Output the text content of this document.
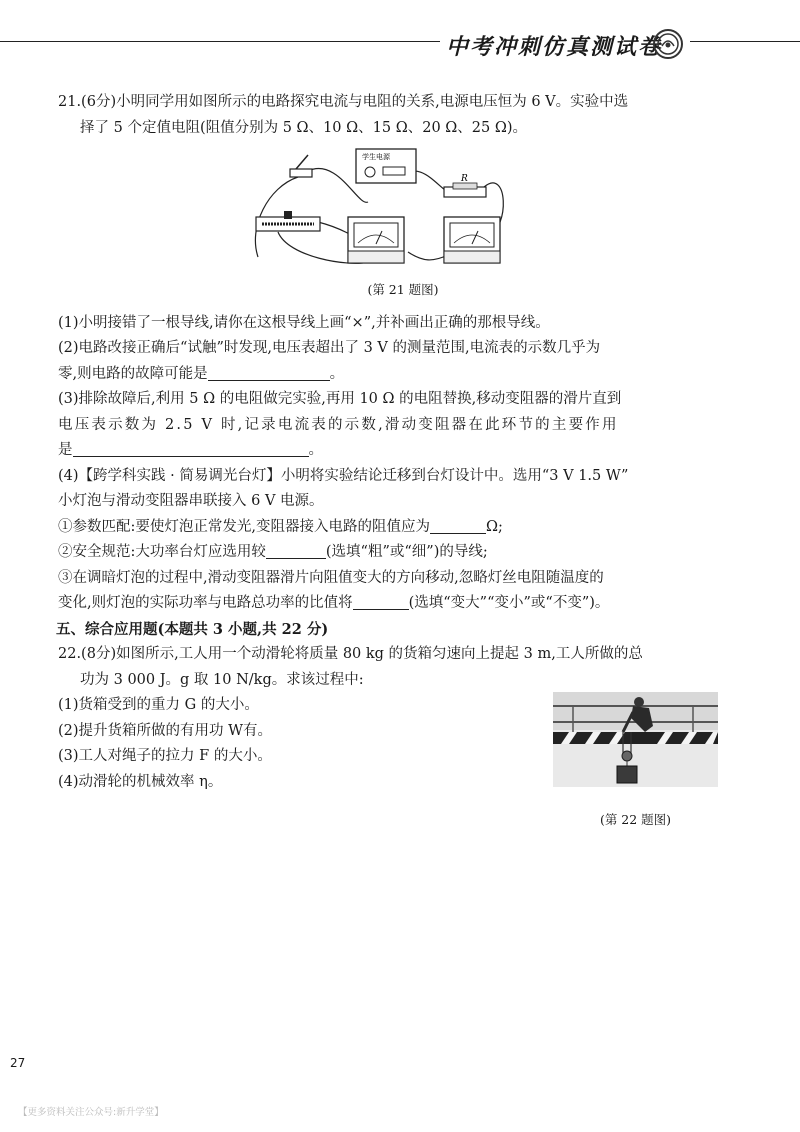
中考冲刺仿真测试卷

21.(6分)小明同学用如图所示的电路探究电流与电阻的关系,电源电压恒为 6 V。实验中选

择了 5 个定值电阻(阻值分别为 5 Ω、10 Ω、15 Ω、20 Ω、25 Ω)。

学生电源
R

(第 21 题图)

(1)小明接错了一根导线,请你在这根导线上画“×”,并补画出正确的那根导线。

(2)电路改接正确后“试触”时发现,电压表超出了 3 V 的测量范围,电流表的示数几乎为

零,则电路的故障可能是	。

(3)排除故障后,利用 5 Ω 的电阻做完实验,再用 10 Ω 的电阻替换,移动变阻器的滑片直到

电压表示数为 2.5 V 时,记录电流表的示数,滑动变阻器在此环节的主要作用

是	。

(4)【跨学科实践 · 简易调光台灯】小明将实验结论迁移到台灯设计中。选用“3 V 1.5 W”

小灯泡与滑动变阻器串联接入 6 V 电源。

①参数匹配:要使灯泡正常发光,变阻器接入电路的阻值应为	Ω;

②安全规范:大功率台灯应选用较	(选填“粗”或“细”)的导线;

③在调暗灯泡的过程中,滑动变阻器滑片向阻值变大的方向移动,忽略灯丝电阻随温度的

变化,则灯泡的实际功率与电路总功率的比值将	(选填“变大”“变小”或“不变”)。

五、综合应用题(本题共 3 小题,共 22 分)

22.(8分)如图所示,工人用一个动滑轮将质量 80 kg 的货箱匀速向上提起 3 m,工人所做的总

功为 3 000 J。g 取 10 N/kg。求该过程中:

(1)货箱受到的重力 G 的大小。

(2)提升货箱所做的有用功 W有。

(3)工人对绳子的拉力 F 的大小。

(4)动滑轮的机械效率 η。

(第 22 题图)

27
【更多资料关注公众号:新升学堂】
